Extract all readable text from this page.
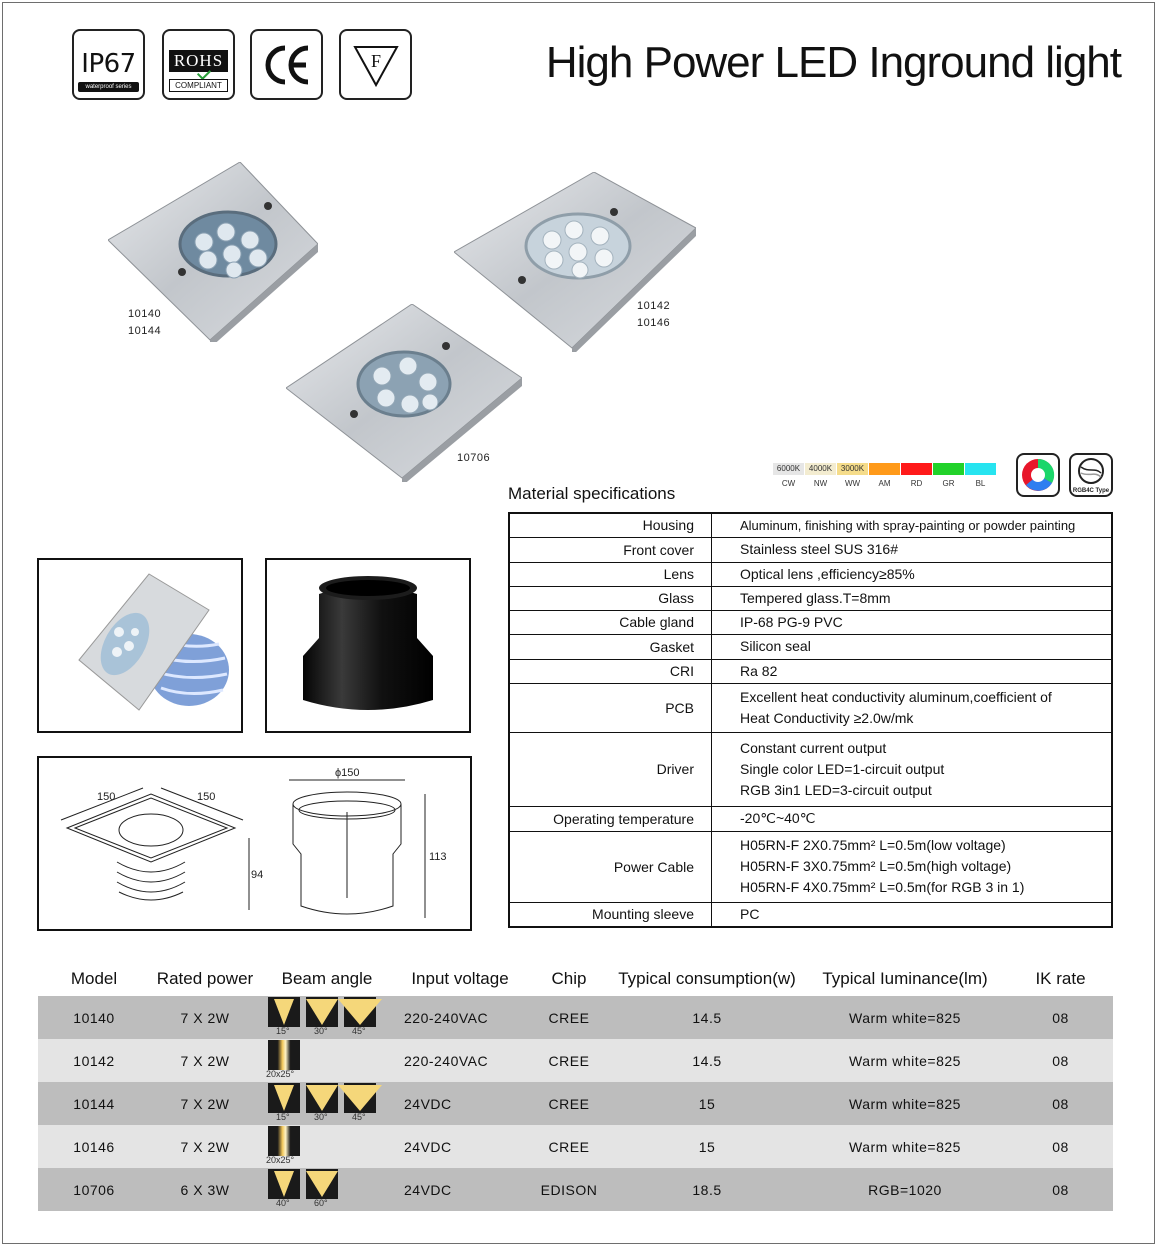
IP67
waterproof series
ROHS
COMPLIANT
F	High Power LED Inground light
10140
10144
10142
10146
10706
6000K
CW
4000K
NW
3000K
WW	AM	RD	GR	BL
RGB4C Type
Material specifications
Housing	Aluminum, finishing with spray-painting or powder painting

Front cover	Stainless steel SUS 316#

Lens	Optical lens ,efficiency≥85%

Glass	Tempered glass.T=8mm

Cable gland	IP-68 PG-9 PVC

Gasket	Silicon seal

CRI	Ra 82

PCB	Excellent heat conductivity aluminum,coefficient of
Heat Conductivity ≥2.0w/mk

Driver	Constant current output
Single color LED=1-circuit output
RGB 3in1 LED=3-circuit output

Operating temperature	-20℃~40℃

Power Cable	H05RN-F 2X0.75mm² L=0.5m(low voltage)
H05RN-F 3X0.75mm² L=0.5m(high voltage)
H05RN-F 4X0.75mm² L=0.5m(for RGB 3 in 1)

Mounting sleeve	PC
150	150
94
ϕ150
113
Model	Rated power	Beam angle	Input voltage	Chip	Typical consumption(w)	Typical Iuminance(lm)	IK rate
10140	7 X 2W	15° 30° 45°	220-240VAC	CREE	14.5	Warm white=825	08
10142	7 X 2W	20x25°	220-240VAC	CREE	14.5	Warm white=825	08
10144	7 X 2W	15° 30° 45°	24VDC	CREE	15	Warm white=825	08
10146	7 X 2W	20x25°	24VDC	CREE	15	Warm white=825	08
10706	6 X 3W	40° 60°	24VDC	EDISON	18.5	RGB=1020	08
